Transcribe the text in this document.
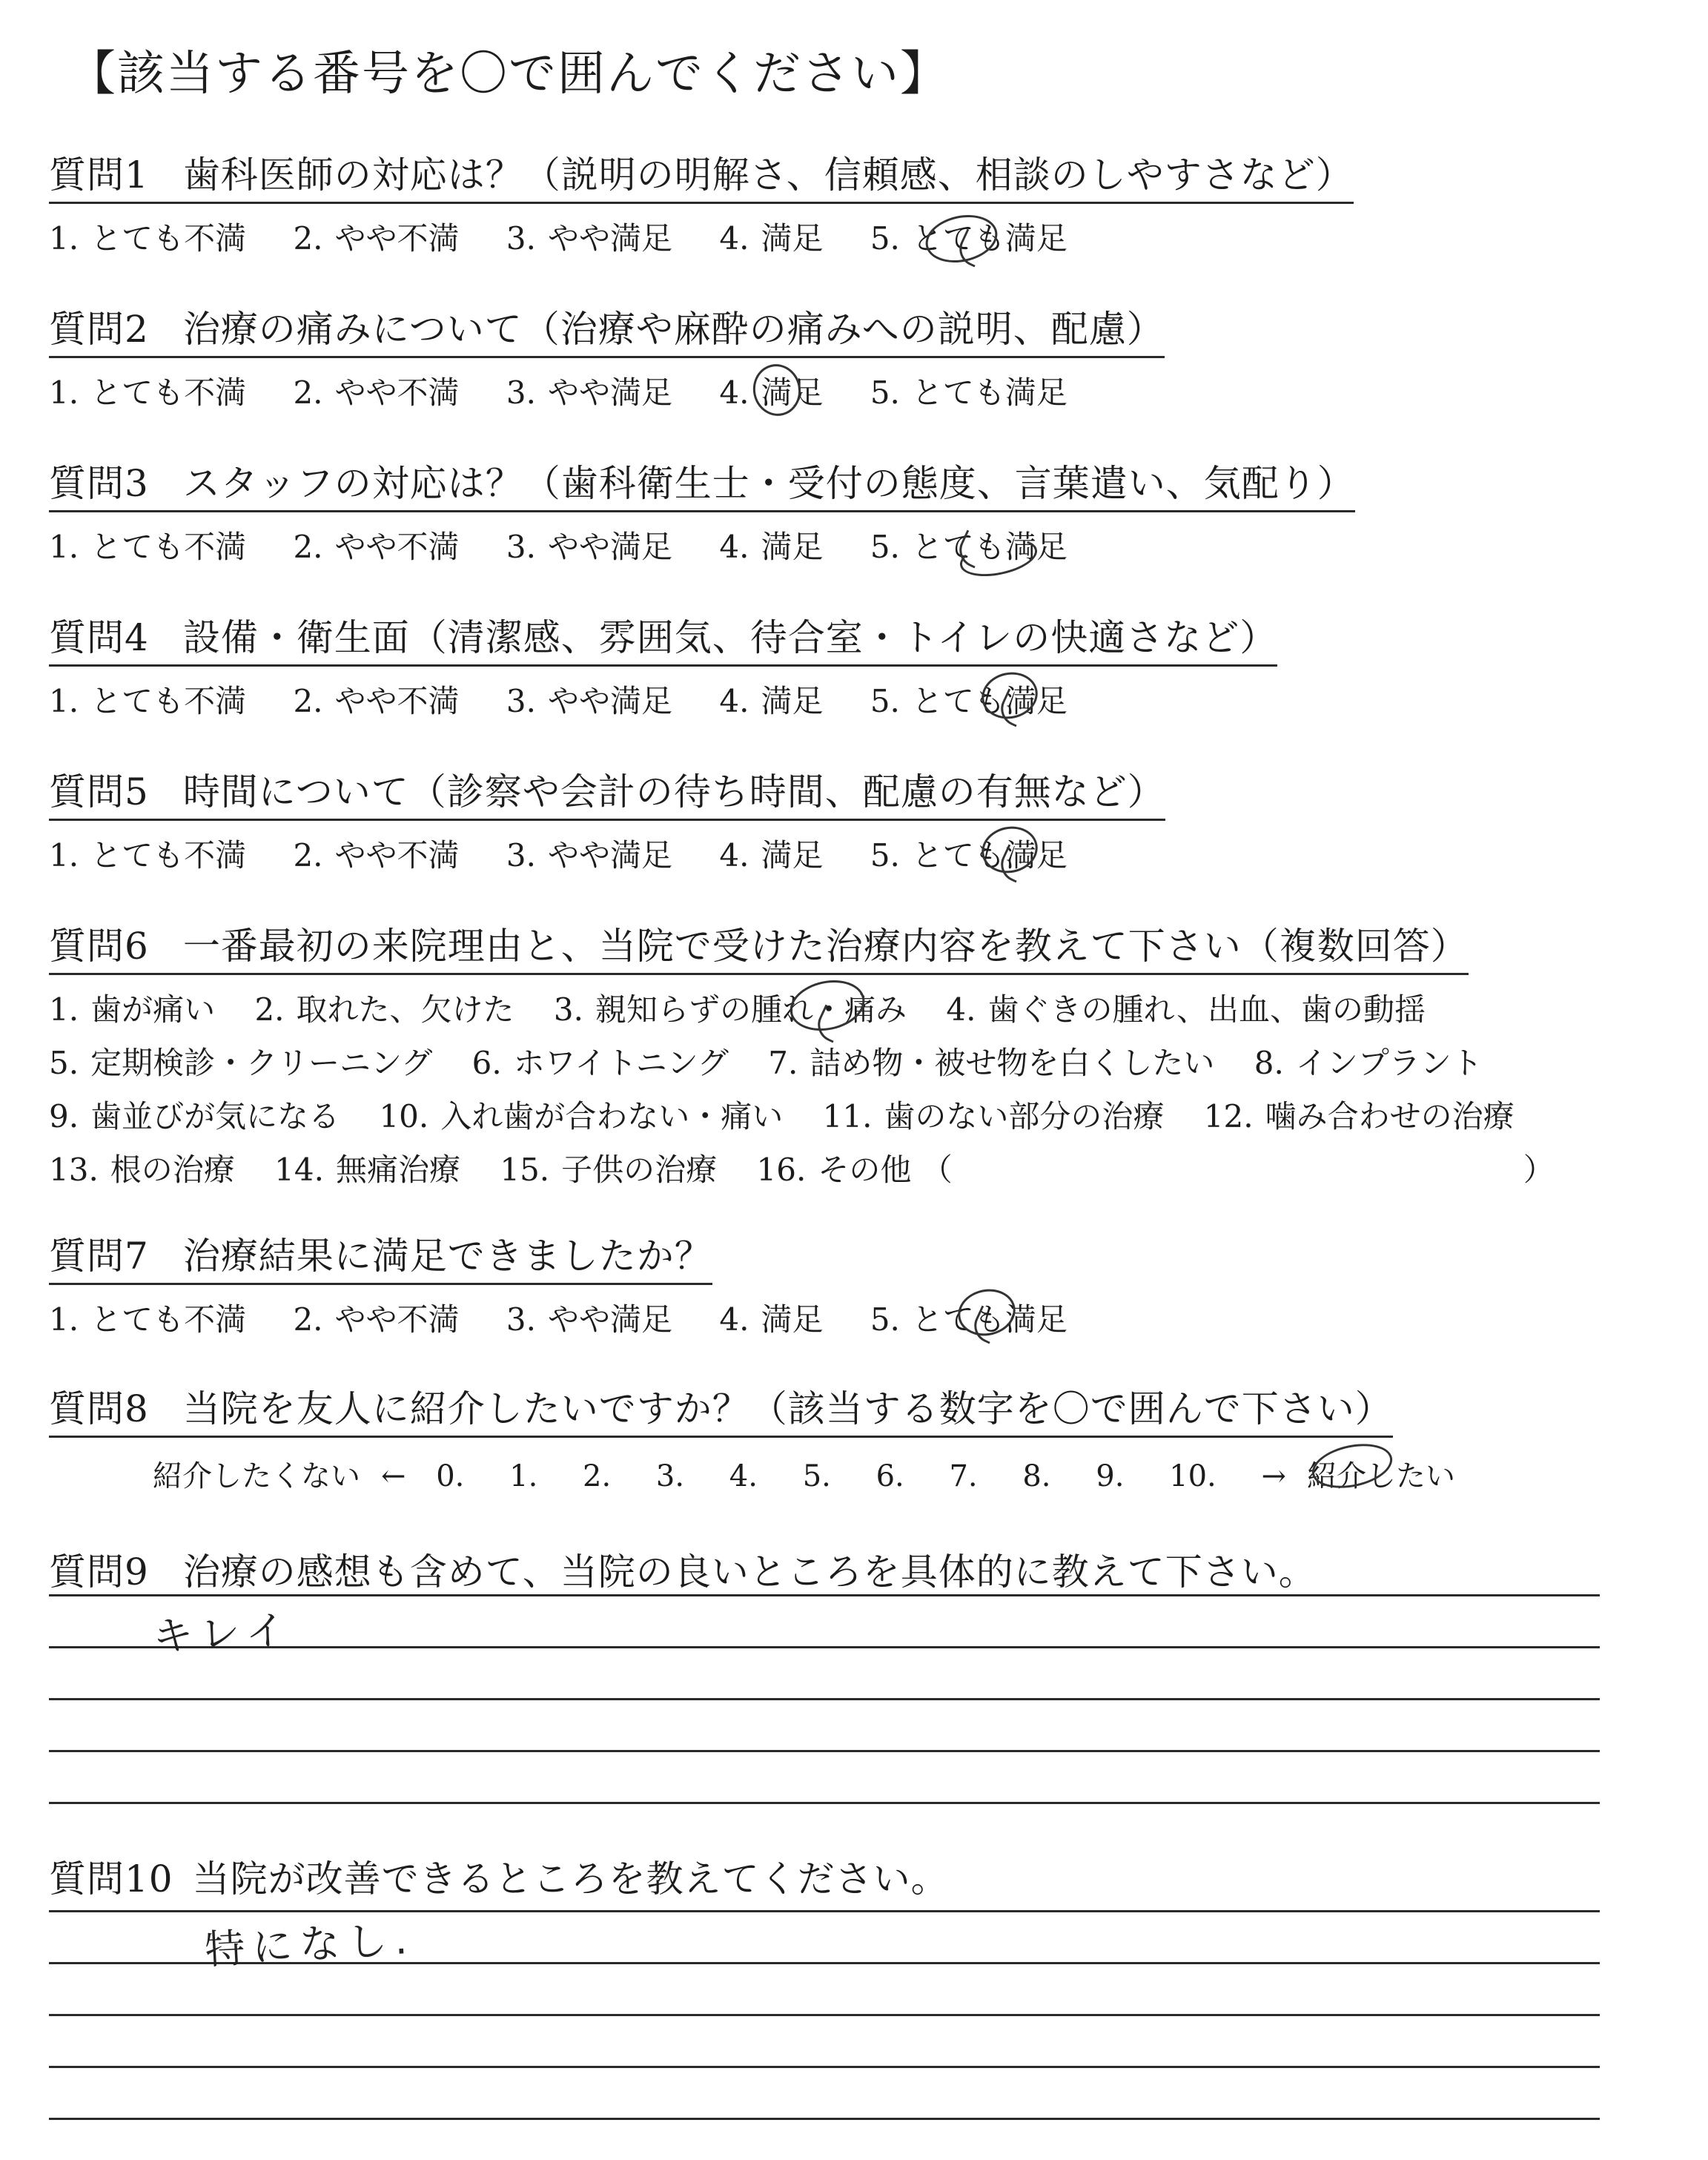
【該当する番号を〇で囲んでください】
質問1 歯科医師の対応は？（説明の明解さ、信頼感、相談のしやすさなど）
1. とても不満 2. やや不満 3. やや満足 4. 満足 5. とても満足
質問2 治療の痛みについて（治療や麻酔の痛みへの説明、配慮）
1. とても不満 2. やや不満 3. やや満足 4. 満足 5. とても満足
質問3 スタッフの対応は？（歯科衛生士・受付の態度、言葉遣い、気配り）
1. とても不満 2. やや不満 3. やや満足 4. 満足 5. とても満足
質問4 設備・衛生面（清潔感、雰囲気、待合室・トイレの快適さなど）
1. とても不満 2. やや不満 3. やや満足 4. 満足 5. とても満足
質問5 時間について（診察や会計の待ち時間、配慮の有無など）
1. とても不満 2. やや不満 3. やや満足 4. 満足 5. とても満足
質問6 一番最初の来院理由と、当院で受けた治療内容を教えて下さい（複数回答）
1. 歯が痛い 2. 取れた、欠けた 3. 親知らずの腫れ・痛み 4. 歯ぐきの腫れ、出血、歯の動揺
5. 定期検診・クリーニング 6. ホワイトニング 7. 詰め物・被せ物を白くしたい 8. インプラント
9. 歯並びが気になる 10. 入れ歯が合わない・痛い 11. 歯のない部分の治療 12. 噛み合わせの治療
13. 根の治療 14. 無痛治療 15. 子供の治療 16. その他 （	）
質問7 治療結果に満足できましたか？
1. とても不満 2. やや不満 3. やや満足 4. 満足 5. とても満足
質問8 当院を友人に紹介したいですか？（該当する数字を〇で囲んで下さい）
紹介したくない ← 0. 1. 2. 3. 4. 5. 6. 7. 8. 9. 10. → 紹介したい
質問9 治療の感想も含めて、当院の良いところを具体的に教えて下さい。
キレイ
質問10 当院が改善できるところを教えてください。
特になし.
